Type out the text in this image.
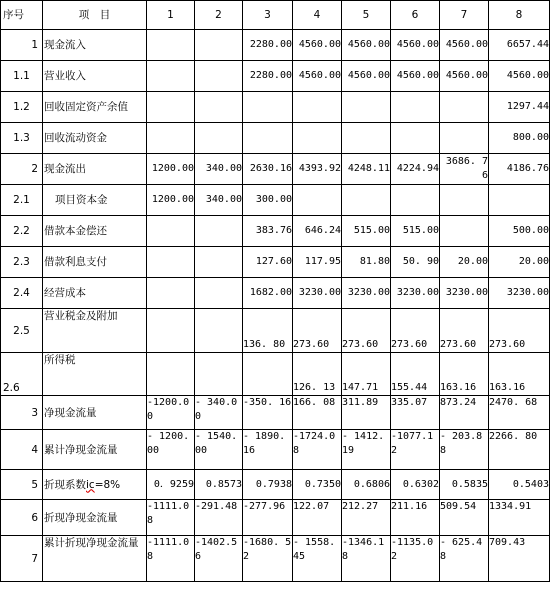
序号	项　目	1	2	3	4	5	6	7	8
1	现金流入			2280.00	4560.00	4560.00	4560.00	4560.00	6657.44
1.1	营业收入			2280.00	4560.00	4560.00	4560.00	4560.00	4560.00
1.2	回收固定资产余值								1297.44
1.3	回收流动资金								800.00
2	现金流出	1200.00	340.00	2630.16	4393.92	4248.11	4224.94	3686. 76	4186.76
2.1	项目资本金	1200.00	340.00	300.00					
2.2	借款本金偿还			383.76	646.24	515.00	515.00		500.00
2.3	借款利息支付			127.60	117.95	81.80	50. 90	20.00	20.00
2.4	经营成本			1682.00	3230.00	3230.00	3230.00	3230.00	3230.00
2.5	营业税金及附加			136. 80	273.60	273.60	273.60	273.60	273.60
2.6	所得税				126. 13	147.71	155.44	163.16	163.16
3	净现金流量	-1200.0 0	- 340.00	-350. 16	166. 08	311.89	335.07	873.24	2470. 68
4	累计净现金流量	- 1200.00	- 1540.00	- 1890. 16	-1724.0 8	- 1412. 19	-1077.1 2	- 203.88	2266. 80
5	折现系数ic=8%	0．9259	0.8573	0.7938	0.7350	0.6806	0.6302	0.5835	0.5403
6	折现净现金流量	-1111.0 8	-291.48	-277.96	122.07	212.27	211.16	509.54	1334.91
7	累计折现净现金流量	-1111.0 8	-1402.5 6	-1680. 52	- 1558.45	-1346.1 8	-1135.0 2	- 625.48	709.43
